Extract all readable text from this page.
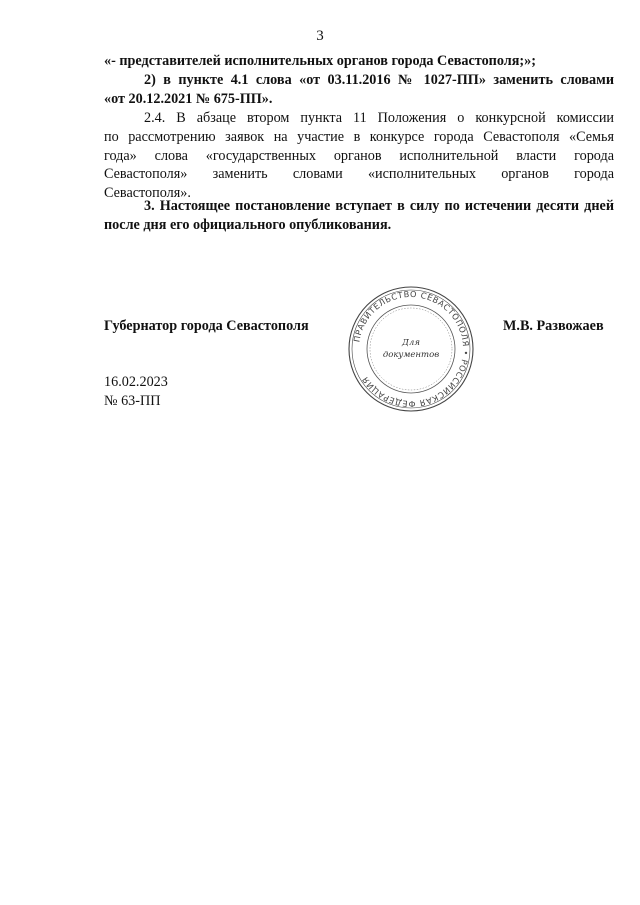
3
«- представителей исполнительных органов города Севастополя;»;
2) в пункте 4.1 слова «от 03.11.2016 № 1027-ПП» заменить словами
«от 20.12.2021 № 675-ПП».
2.4. В абзаце втором пункта 11 Положения о конкурсной комиссии
по рассмотрению заявок на участие в конкурсе города Севастополя «Семья
года» слова «государственных органов исполнительной власти города
Севастополя» заменить словами «исполнительных органов города
Севастополя».
3. Настоящее постановление вступает в силу по истечении десяти дней
после дня его официального опубликования.
Губернатор города Севастополя	М.В. Развожаев
ПРАВИТЕЛЬСТВО СЕВАСТОПОЛЯ • РОССИЙСКАЯ ФЕДЕРАЦИЯ
Для
документов
16.02.2023
№ 63-ПП
